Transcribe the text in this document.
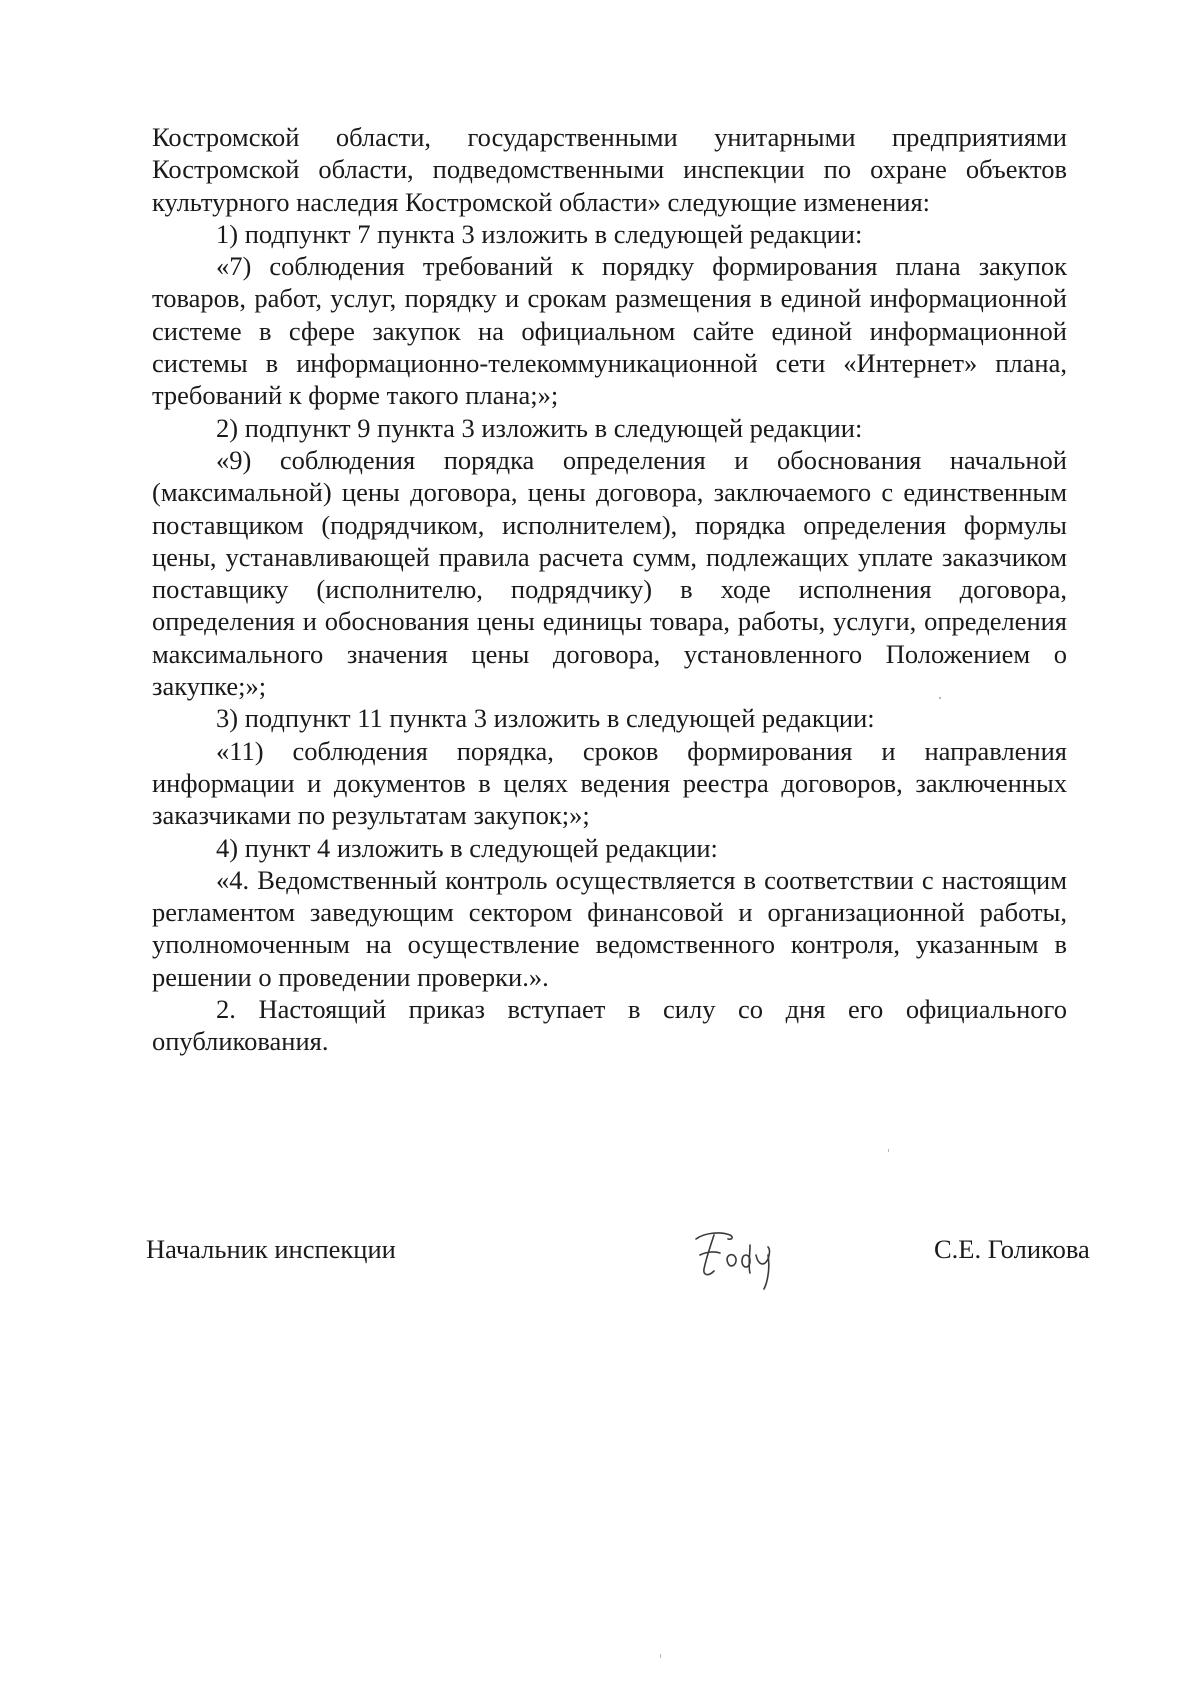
Костромской области, государственными унитарными предприятиями Костромской области, подведомственными инспекции по охране объектов культурного наследия Костромской области» следующие изменения:

1) подпункт 7 пункта 3 изложить в следующей редакции:

«7) соблюдения требований к порядку формирования плана закупок товаров, работ, услуг, порядку и срокам размещения в единой информационной системе в сфере закупок на официальном сайте единой информационной системы в информационно-телекоммуникационной сети «Интернет» плана, требований к форме такого плана;»;

2) подпункт 9 пункта 3 изложить в следующей редакции:

«9) соблюдения порядка определения и обоснования начальной (максимальной) цены договора, цены договора, заключаемого с единственным поставщиком (подрядчиком, исполнителем), порядка определения формулы цены, устанавливающей правила расчета сумм, подлежащих уплате заказчиком поставщику (исполнителю, подрядчику) в ходе исполнения договора, определения и обоснования цены единицы товара, работы, услуги, определения максимального значения цены договора, установленного Положением о закупке;»;

3) подпункт 11 пункта 3 изложить в следующей редакции:

«11) соблюдения порядка, сроков формирования и направления информации и документов в целях ведения реестра договоров, заключенных заказчиками по результатам закупок;»;

4) пункт 4 изложить в следующей редакции:

«4. Ведомственный контроль осуществляется в соответствии с настоящим регламентом заведующим сектором финансовой и организационной работы, уполномоченным на осуществление ведомственного контроля, указанным в решении о проведении проверки.».

2. Настоящий приказ вступает в силу со дня его официального опубликования.

Начальник инспекции	С.Е. Голикова
